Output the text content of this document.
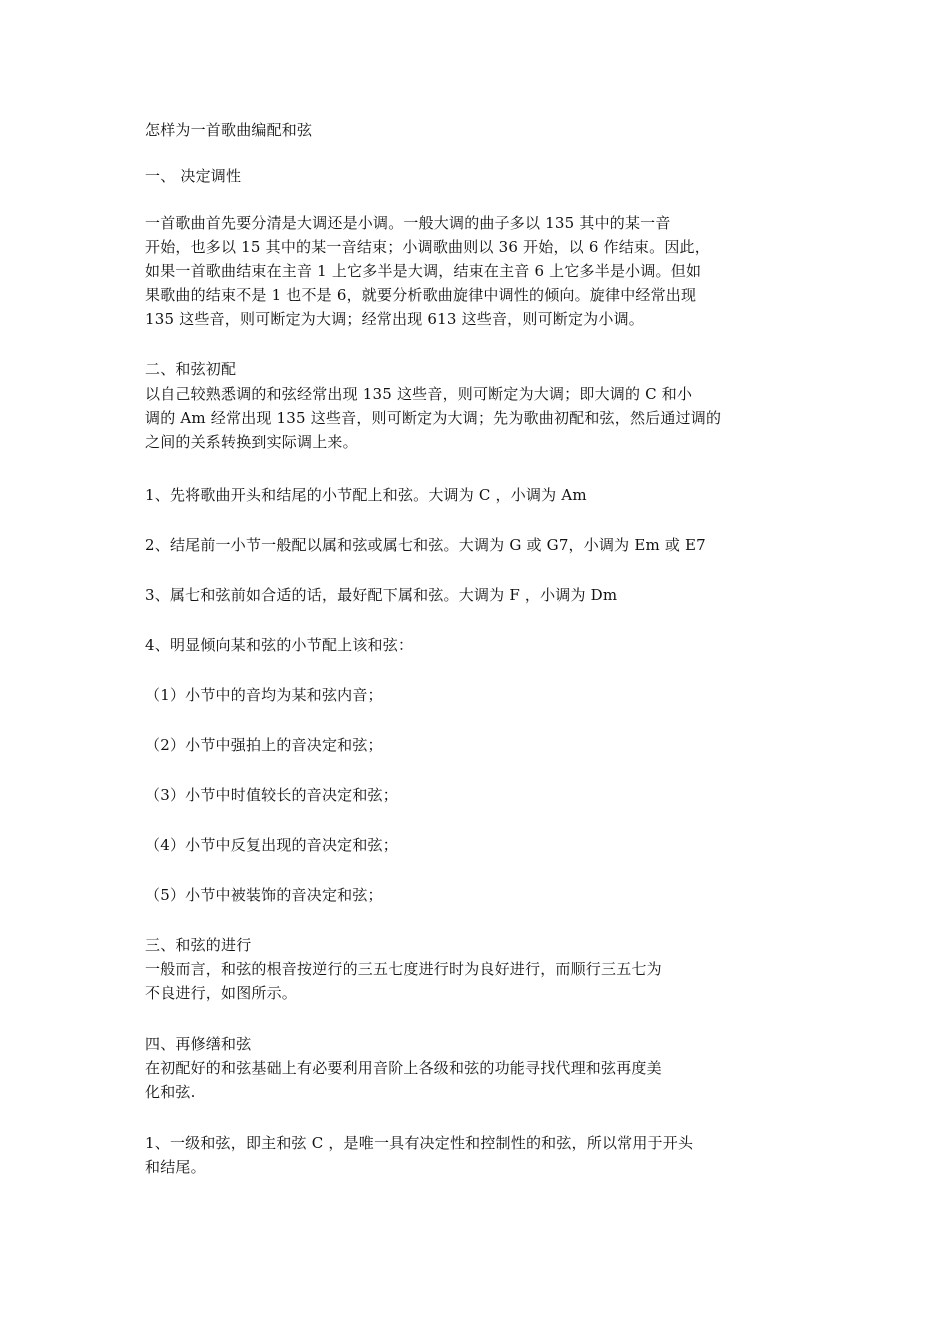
怎样为一首歌曲编配和弦

一、 决定调性

一首歌曲首先要分清是大调还是小调。一般大调的曲子多以 135 其中的某一音
开始，也多以 15 其中的某一音结束；小调歌曲则以 36 开始，以 6 作结束。因此，
如果一首歌曲结束在主音 1 上它多半是大调，结束在主音 6 上它多半是小调。但如
果歌曲的结束不是 1 也不是 6，就要分析歌曲旋律中调性的倾向。旋律中经常出现
135 这些音，则可断定为大调；经常出现 613 这些音，则可断定为小调。

二、和弦初配

以自己较熟悉调的和弦经常出现 135 这些音，则可断定为大调；即大调的 C 和小
调的 Am 经常出现 135 这些音，则可断定为大调；先为歌曲初配和弦，然后通过调的
之间的关系转换到实际调上来。

1、先将歌曲开头和结尾的小节配上和弦。大调为 C ，小调为 Am

2、结尾前一小节一般配以属和弦或属七和弦。大调为 G 或 G7，小调为 Em 或 E7

3、属七和弦前如合适的话，最好配下属和弦。大调为 F ，小调为 Dm

4、明显倾向某和弦的小节配上该和弦：

（1）小节中的音均为某和弦内音；

（2）小节中强拍上的音决定和弦；

（3）小节中时值较长的音决定和弦；

（4）小节中反复出现的音决定和弦；

（5）小节中被装饰的音决定和弦；

三、和弦的进行

一般而言，和弦的根音按逆行的三五七度进行时为良好进行，而顺行三五七为
不良进行，如图所示。

四、再修缮和弦

在初配好的和弦基础上有必要利用音阶上各级和弦的功能寻找代理和弦再度美
化和弦.
1、一级和弦，即主和弦 C ，是唯一具有决定性和控制性的和弦，所以常用于开头
和结尾。
